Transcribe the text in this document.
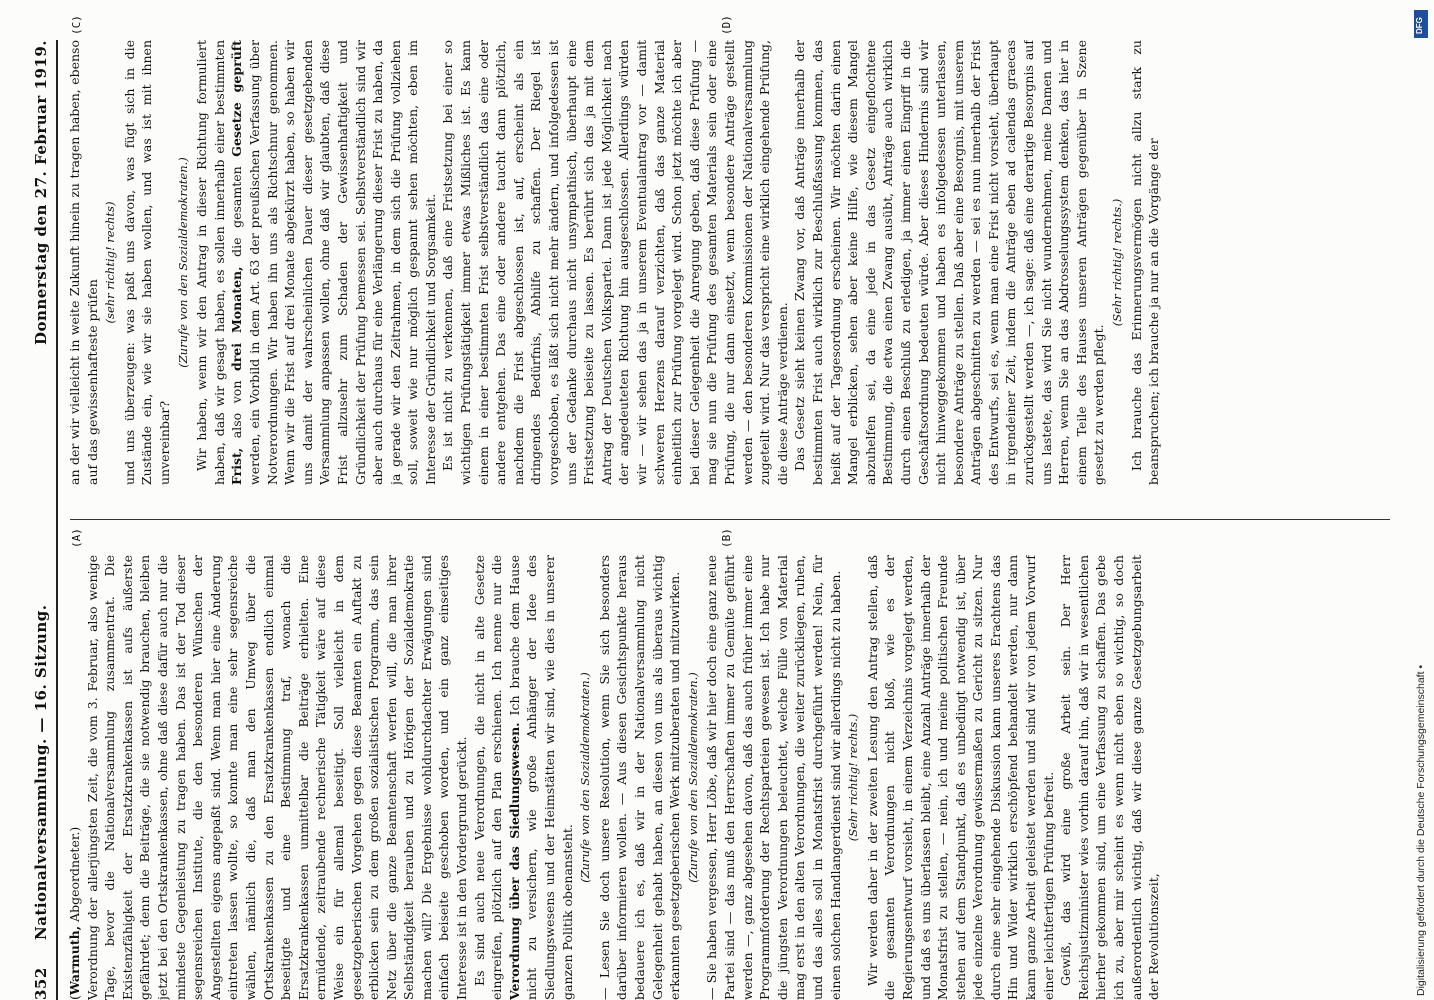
352
Nationalversammlung. — 16. Sitzung.
Donnerstag den 27. Februar 1919.

(Warmuth, Abgeordneter.) Verordnung der allerjüngsten Zeit, die vom 3. Februar, also wenige Tage, bevor die Nationalversammlung zusammentrat. Die Existenzfähigkeit der Ersatzkrankenkassen ist aufs äußerste gefährdet; denn die Beiträge, die sie notwendig brauchen, bleiben jetzt bei den Ortskrankenkassen, ohne daß diese dafür auch nur die mindeste Gegenleistung zu tragen haben. Das ist der Tod dieser segensreichen Institute, die den besonderen Wünschen der Angestellten eigens angepaßt sind. Wenn man hier eine Änderung eintreten lassen wollte, so konnte man eine sehr segensreiche wählen, nämlich die, daß man den Umweg über die Ortskrankenkassen zu den Ersatzkrankenkassen endlich einmal beseitigte und eine Bestimmung traf, wonach die Ersatzkrankenkassen unmittelbar die Beiträge erhielten. Eine ermüdende, zeitraubende rechnerische Tätigkeit wäre auf diese Weise ein für allemal beseitigt. Soll vielleicht in dem gesetzgeberischen Vorgehen gegen diese Beamten ein Auftakt zu erblicken sein zu dem großen sozialistischen Programm, das sein Netz über die ganze Beamtenschaft werfen will, die man ihrer Selbständigkeit berauben und zu Hörigen der Sozialdemokratie machen will? Die Ergebnisse wohldurchdachter Erwägungen sind einfach beiseite geschoben worden, und ein ganz einseitiges Interesse ist in den Vordergrund gerückt. Es sind auch neue Verordnungen, die nicht in alte Gesetze eingreifen, plötzlich auf den Plan erschienen. Ich nenne nur die Verordnung über das Siedlungswesen. Ich brauche dem Hause nicht zu versichern, wie große Anhänger der Idee des Siedlungswesens und der Heimstätten wir sind, wie dies in unserer ganzen Politik obenansteht.

(Zurufe von den Sozialdemokraten.) — Lesen Sie doch unsere Resolution, wenn Sie sich besonders darüber informieren wollen. — Aus diesen Gesichtspunkte heraus bedauere ich es, daß wir in der Nationalversammlung nicht Gelegenheit gehabt haben, an diesen von uns als überaus wichtig erkannten gesetzgeberischen Werk mitzuberaten und mitzuwirken. (Zurufe von den Sozialdemokraten.) — Sie haben vergessen, Herr Löbe, daß wir hier doch eine ganz neue Partei sind — das muß den Herrschaften immer zu Gemüte geführt werden —, ganz abgesehen davon, daß das auch früher immer eine Programmforderung der Rechtsparteien gewesen ist. Ich habe nur die jüngsten Verordnungen beleuchtet, welche Fülle von Material mag erst in den alten Verordnungen, die weiter zurückliegen, ruhen, und das alles soll in Monatsfrist durchgeführt werden! Nein, für einen solchen Handlangerdienst sind wir allerdings nicht zu haben. (Sehr richtig! rechts.) Wir werden daher in der zweiten Lesung den Antrag stellen, daß die gesamten Verordnungen nicht bloß, wie es der Regierungsentwurf vorsieht, in einem Verzeichnis vorgelegt werden, und daß es uns überlassen bleibt, eine Anzahl Anträge innerhalb der Monatsfrist zu stellen, — nein, ich und meine politischen Freunde stehen auf dem Standpunkt, daß es unbedingt notwendig ist, über jede einzelne Verordnung gewissermaßen zu Gericht zu sitzen. Nur durch eine sehr eingehende Diskussion kann unseres Erachtens das Hin und Wider wirklich erschöpfend behandelt werden, nur dann kann ganze Arbeit geleistet werden und sind wir von jedem Vorwurf einer leichtfertigen Prüfung befreit. Gewiß, das wird eine große Arbeit sein. Der Herr Reichsjustizminister wies vorhin darauf hin, daß wir in wesentlichen hierher gekommen sind, um eine Verfassung zu schaffen. Das gebe ich zu, aber mir scheint es wenn nicht eben so wichtig, so doch außerordentlich wichtig, daß wir diese ganze Gesetzgebungsarbeit der Revolutionszeit,

an der wir vielleicht in weite Zukunft hinein zu tragen haben, ebenso auf das gewissenhafteste prüfen

(sehr richtig! rechts) und uns überzeugen: was paßt uns davon, was fügt sich in die Zustände ein, wie wir sie haben wollen, und was ist mit ihnen unvereinbar?

(Zurufe von den Sozialdemokraten.) Wir haben, wenn wir den Antrag in dieser Richtung formuliert haben, daß wir gesagt haben, es sollen innerhalb einer bestimmten Frist, also von drei Monaten, die gesamten Gesetze geprüft werden, ein Vorbild in dem Art. 63 der preußischen Verfassung über Notverordnungen. Wir haben ihn uns als Richtschnur genommen. Wenn wir die Frist auf drei Monate abgekürzt haben, so haben wir uns damit der wahrscheinlichen Dauer dieser gesetzgebenden Versammlung anpassen wollen, ohne daß wir glaubten, daß diese Frist allzusehr zum Schaden der Gewissenhaftigkeit und Gründlichkeit der Prüfung bemessen sei. Selbstverständlich sind wir aber auch durchaus für eine Verlängerung dieser Frist zu haben, da ja gerade wir den Zeitrahmen, in dem sich die Prüfung vollziehen soll, soweit wie nur möglich gespannt sehen möchten, eben im Interesse der Gründlichkeit und Sorgsamkeit. Es ist nicht zu verkennen, daß eine Fristsetzung bei einer so wichtigen Prüfungstätigkeit immer etwas Mißliches ist. Es kann einem in einer bestimmten Frist selbstverständlich das eine oder andere entgehen. Das eine oder andere taucht dann plötzlich, nachdem die Frist abgeschlossen ist, auf, erscheint als ein dringendes Bedürfnis, Abhilfe zu schaffen. Der Riegel ist vorgeschoben, es läßt sich nicht mehr ändern, und infolgedessen ist uns der Gedanke durchaus nicht unsympathisch, überhaupt eine Fristsetzung beiseite zu lassen. Es berührt sich das ja mit dem Antrag der Deutschen Volkspartei. Dann ist jede Möglichkeit nach der angedeuteten Richtung hin ausgeschlossen. Allerdings würden wir — wir sehen das ja in unserem Eventualantrag vor — damit schweren Herzens darauf verzichten, daß das ganze Material einheitlich zur Prüfung vorgelegt wird. Schon jetzt möchte ich aber bei dieser Gelegenheit die Anregung geben, daß diese Prüfung — mag sie nun die Prüfung des gesamten Materials sein oder eine Prüfung, die nur dann einsetzt, wenn besondere Anträge gestellt werden — den besonderen Kommissionen der Nationalversammlung zugeteilt wird. Nur das verspricht eine wirklich eingehende Prüfung, die diese Anträge verdienen. Das Gesetz sieht keinen Zwang vor, daß Anträge innerhalb der bestimmten Frist auch wirklich zur Beschlußfassung kommen, das heißt auf der Tagesordnung erscheinen. Wir möchten darin einen Mangel erblicken, sehen aber keine Hilfe, wie diesem Mangel abzuhelfen sei, da eine jede in das Gesetz eingeflochtene Bestimmung, die etwa einen Zwang ausübt, Anträge auch wirklich durch einen Beschluß zu erledigen, ja immer einen Eingriff in die Geschäftsordnung bedeuten würde. Aber dieses Hindernis sind wir nicht hinweggekommen und haben es infolgedessen unterlassen, besondere Anträge zu stellen. Daß aber eine Besorgnis, mit unserem Anträgen abgeschnitten zu werden — sei es nun innerhalb der Frist des Entwurfs, sei es, wenn man eine Frist nicht vorsieht, überhaupt in irgendeiner Zeit, indem die Anträge eben ad calendas graecas zurückgestellt werden —, ich sage: daß eine derartige Besorgnis auf uns lastete, das wird Sie nicht wundernehmen, meine Damen und Herren, wenn Sie an das Abdrosselungssystem denken, das hier in einem Teile des Hauses unseren Anträgen gegenüber in Szene gesetzt zu werden pflegt.

(Sehr richtig! rechts.) Ich brauche das Erinnerungsvermögen nicht allzu stark zu beanspruchen; ich brauche ja nur an die Vorgänge der

(A)	(B)
(C)	(D)	DFG
Digitalisierung gefördert durch die Deutsche Forschungsgemeinschaft •
